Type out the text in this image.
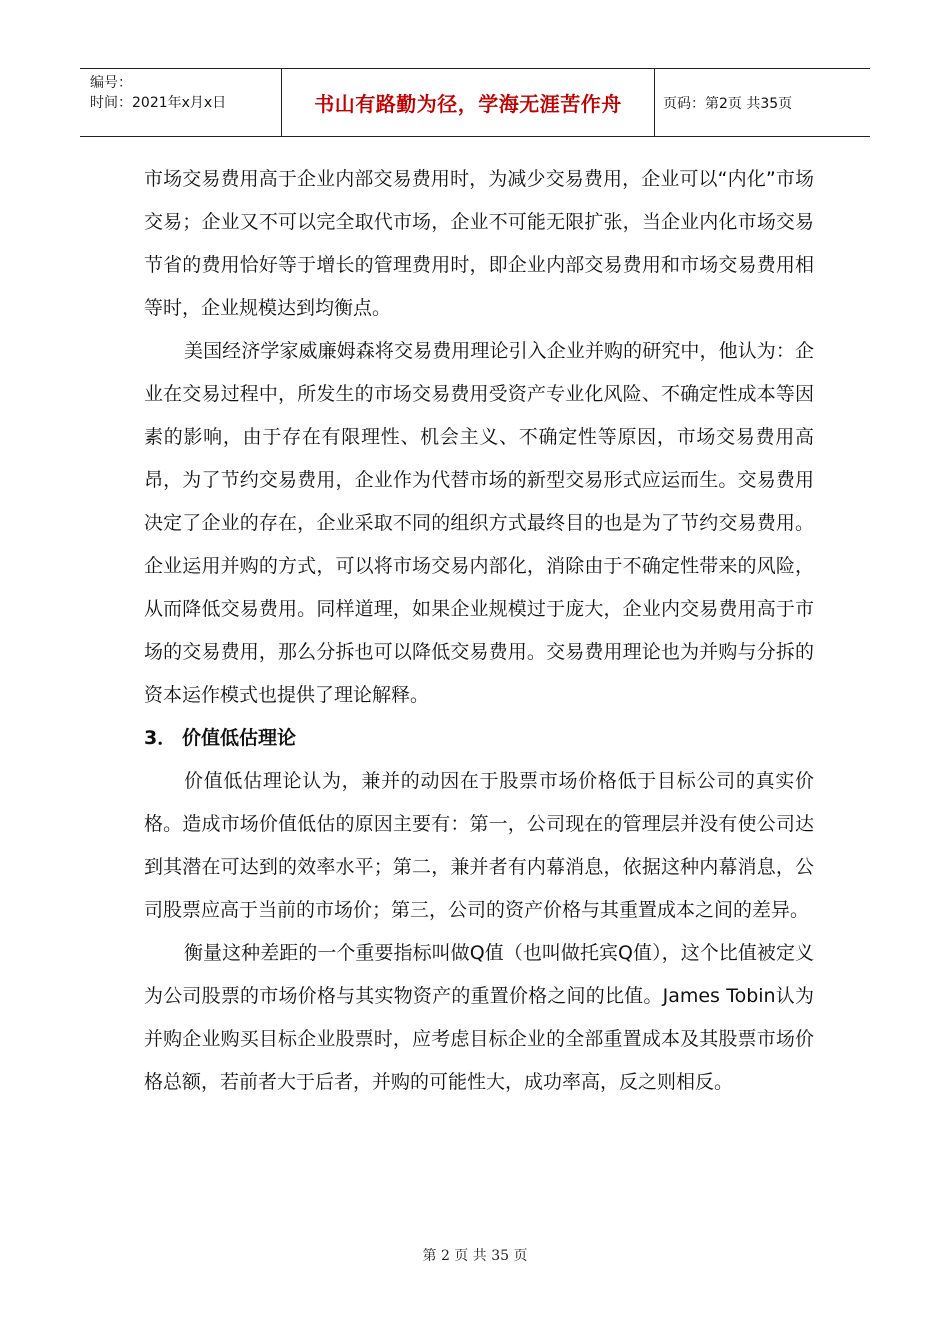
编号：
时间：2021年x月x日	书山有路勤为径，学海无涯苦作舟	页码：第2页 共35页

市场交易费用高于企业内部交易费用时，为减少交易费用，企业可以“内化”市场交易；企业又不可以完全取代市场，企业不可能无限扩张，当企业内化市场交易节省的费用恰好等于增长的管理费用时，即企业内部交易费用和市场交易费用相等时，企业规模达到均衡点。

美国经济学家威廉姆森将交易费用理论引入企业并购的研究中，他认为：企业在交易过程中，所发生的市场交易费用受资产专业化风险、不确定性成本等因素的影响，由于存在有限理性、机会主义、不确定性等原因，市场交易费用高昂，为了节约交易费用，企业作为代替市场的新型交易形式应运而生。交易费用决定了企业的存在，企业采取不同的组织方式最终目的也是为了节约交易费用。企业运用并购的方式，可以将市场交易内部化，消除由于不确定性带来的风险，从而降低交易费用。同样道理，如果企业规模过于庞大，企业内交易费用高于市场的交易费用，那么分拆也可以降低交易费用。交易费用理论也为并购与分拆的资本运作模式也提供了理论解释。

3． 价值低估理论

价值低估理论认为，兼并的动因在于股票市场价格低于目标公司的真实价格。造成市场价值低估的原因主要有：第一，公司现在的管理层并没有使公司达到其潜在可达到的效率水平；第二，兼并者有内幕消息，依据这种内幕消息，公司股票应高于当前的市场价；第三，公司的资产价格与其重置成本之间的差异。

衡量这种差距的一个重要指标叫做Q值（也叫做托宾Q值），这个比值被定义为公司股票的市场价格与其实物资产的重置价格之间的比值。James Tobin认为并购企业购买目标企业股票时，应考虑目标企业的全部重置成本及其股票市场价格总额，若前者大于后者，并购的可能性大，成功率高，反之则相反。

第 2 页 共 35 页
